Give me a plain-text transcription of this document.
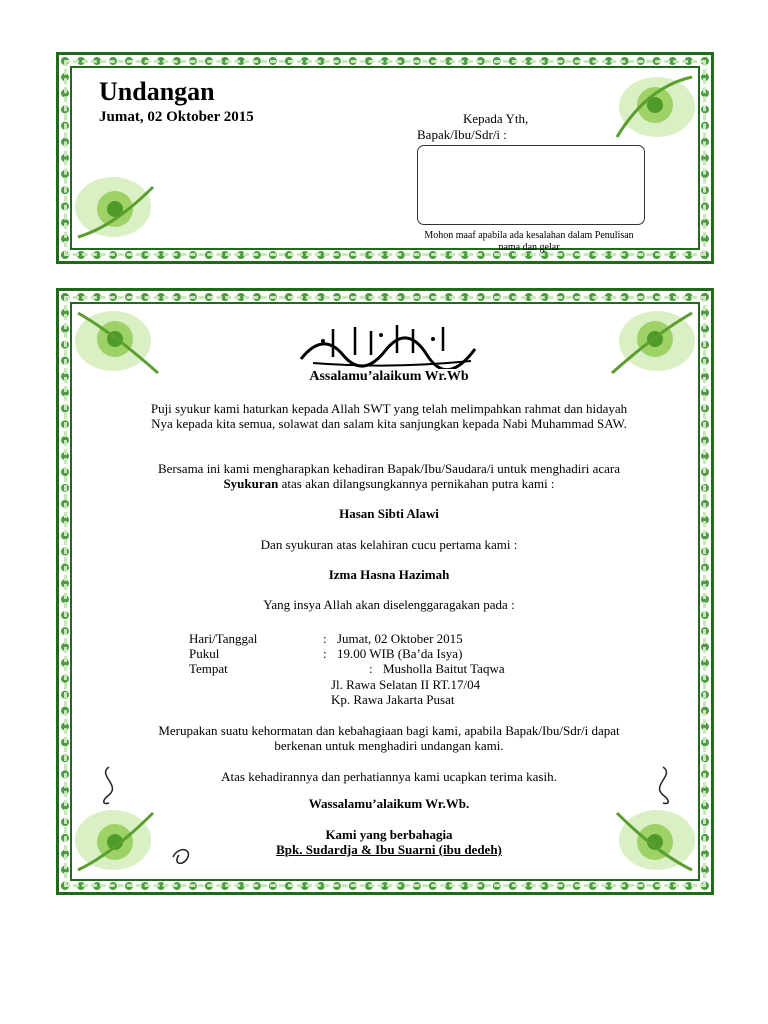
Undangan
Jumat, 02 Oktober 2015	Kepada Yth,
Bapak/Ibu/Sdr/i :
Mohon maaf apabila ada kesalahan dalam Penulisan nama dan gelar
Assalamu’alaikum Wr.Wb
Puji syukur kami haturkan kepada Allah SWT yang telah melimpahkan rahmat dan hidayah Nya kepada kita semua, solawat dan salam kita sanjungkan kepada Nabi Muhammad SAW.
Bersama ini kami mengharapkan kehadiran Bapak/Ibu/Saudara/i untuk menghadiri acara Syukuran atas akan dilangsungkannya pernikahan putra kami :
Hasan Sibti Alawi
Dan syukuran atas kelahiran cucu pertama kami :
Izma Hasna Hazimah
Yang insya Allah akan diselenggaragakan pada :
Hari/Tanggal	: Jumat, 02 Oktober 2015
Pukul	: 19.00 WIB (Ba’da Isya)
Tempat	: Musholla Baitut Taqwa
Jl. Rawa Selatan II RT.17/04
Kp. Rawa Jakarta Pusat
Merupakan suatu kehormatan dan kebahagiaan bagi kami, apabila Bapak/Ibu/Sdr/i dapat berkenan untuk menghadiri undangan kami.
Atas kehadirannya dan perhatiannya kami ucapkan terima kasih.
Wassalamu’alaikum Wr.Wb.
Kami yang berbahagia
Bpk. Sudardja & Ibu Suarni (ibu dedeh)
